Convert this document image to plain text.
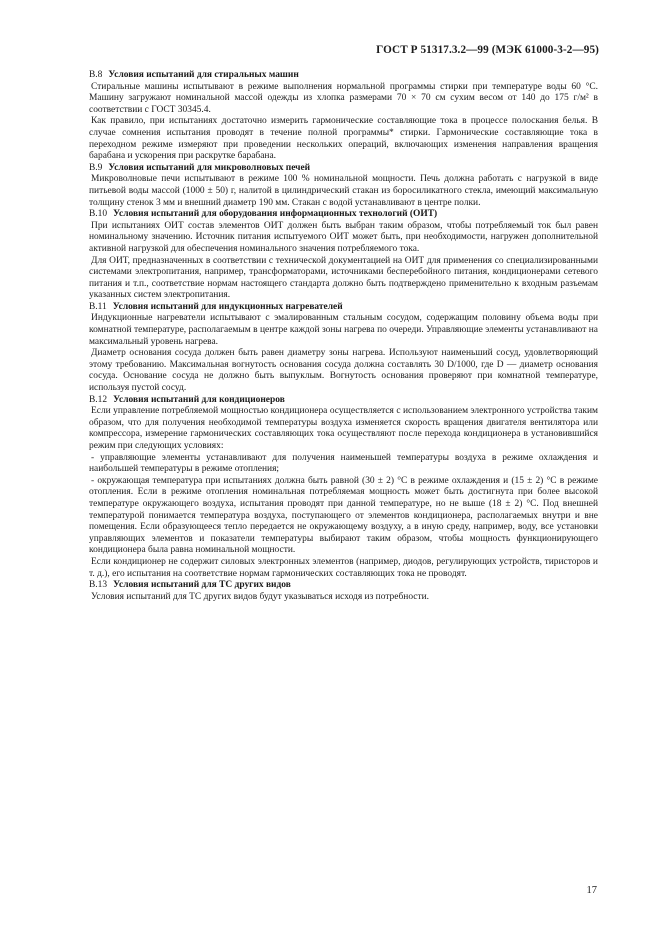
ГОСТ Р 51317.3.2—99 (МЭК 61000-3-2—95)

В.8 Условия испытаний для стиральных машин

Стиральные машины испытывают в режиме выполнения нормальной программы стирки при температуре воды 60 °С. Машину загружают номинальной массой одежды из хлопка размерами 70 × 70 см сухим весом от 140 до 175 г/м² в соответствии с ГОСТ 30345.4.

Как правило, при испытаниях достаточно измерить гармонические составляющие тока в процессе полоскания белья. В случае сомнения испытания проводят в течение полной программы* стирки. Гармонические составляющие тока в переходном режиме измеряют при проведении нескольких операций, включающих изменения направления вращения барабана и ускорения при раскрутке барабана.

В.9 Условия испытаний для микроволновых печей

Микроволновые печи испытывают в режиме 100 % номинальной мощности. Печь должна работать с нагрузкой в виде питьевой воды массой (1000 ± 50) г, налитой в цилиндрический стакан из боросиликатного стекла, имеющий максимальную толщину стенок 3 мм и внешний диаметр 190 мм. Стакан с водой устанавливают в центре полки.

В.10 Условия испытаний для оборудования информационных технологий (ОИТ)

При испытаниях ОИТ состав элементов ОИТ должен быть выбран таким образом, чтобы потребляемый ток был равен номинальному значению. Источник питания испытуемого ОИТ может быть, при необходимости, нагружен дополнительной активной нагрузкой для обеспечения номинального значения потребляемого тока.

Для ОИТ, предназначенных в соответствии с технической документацией на ОИТ для применения со специализированными системами электропитания, например, трансформаторами, источниками бесперебойного питания, кондиционерами сетевого питания и т.п., соответствие нормам настоящего стандарта должно быть подтверждено применительно к входным разъемам указанных систем электропитания.

В.11 Условия испытаний для индукционных нагревателей

Индукционные нагреватели испытывают с эмалированным стальным сосудом, содержащим половину объема воды при комнатной температуре, располагаемым в центре каждой зоны нагрева по очереди. Управляющие элементы устанавливают на максимальный уровень нагрева.

Диаметр основания сосуда должен быть равен диаметру зоны нагрева. Используют наименьший сосуд, удовлетворяющий этому требованию. Максимальная вогнутость основания сосуда должна составлять 30 D/1000, где D — диаметр основания сосуда. Основание сосуда не должно быть выпуклым. Вогнутость основания проверяют при комнатной температуре, используя пустой сосуд.

В.12 Условия испытаний для кондиционеров

Если управление потребляемой мощностью кондиционера осуществляется с использованием электронного устройства таким образом, что для получения необходимой температуры воздуха изменяется скорость вращения двигателя вентилятора или компрессора, измерение гармонических составляющих тока осуществляют после перехода кондиционера в установившийся режим при следующих условиях:

- управляющие элементы устанавливают для получения наименьшей температуры воздуха в режиме охлаждения и наибольшей температуры в режиме отопления;

- окружающая температура при испытаниях должна быть равной (30 ± 2) °С в режиме охлаждения и (15 ± 2) °С в режиме отопления. Если в режиме отопления номинальная потребляемая мощность может быть достигнута при более высокой температуре окружающего воздуха, испытания проводят при данной температуре, но не выше (18 ± 2) °С. Под внешней температурой понимается температура воздуха, поступающего от элементов кондиционера, располагаемых внутри и вне помещения. Если образующееся тепло передается не окружающему воздуху, а в иную среду, например, воду, все установки управляющих элементов и показатели температуры выбирают таким образом, чтобы мощность функционирующего кондиционера была равна номинальной мощности.

Если кондиционер не содержит силовых электронных элементов (например, диодов, регулирующих устройств, тиристоров и т. д.), его испытания на соответствие нормам гармонических составляющих тока не проводят.

В.13 Условия испытаний для ТС других видов

Условия испытаний для ТС других видов будут указываться исходя из потребности.

17
